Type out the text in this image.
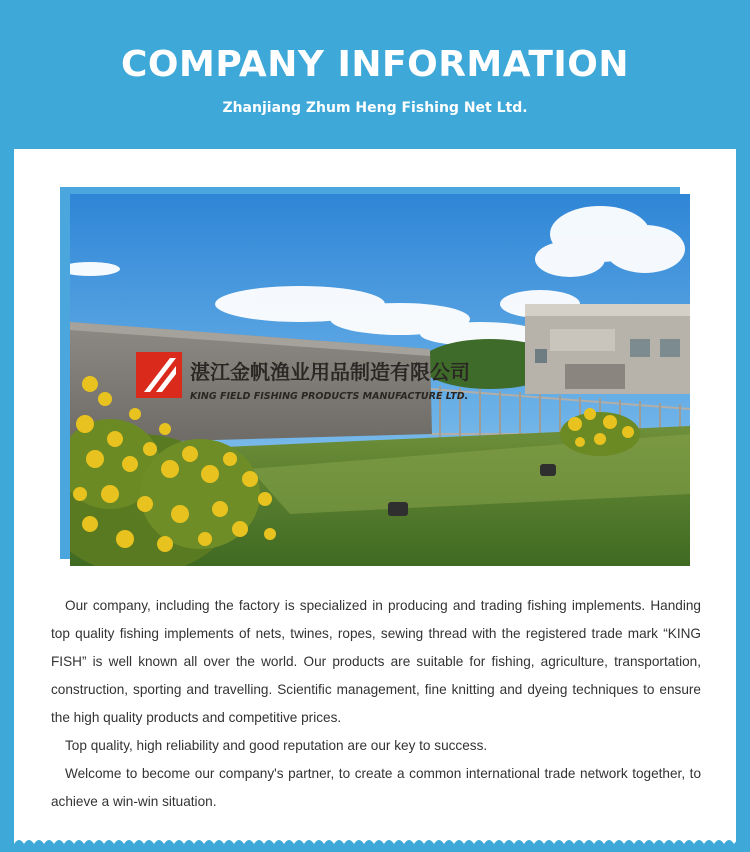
COMPANY INFORMATION
Zhanjiang Zhum Heng Fishing Net Ltd.
湛江金帆渔业用品制造有限公司
KING FIELD FISHING PRODUCTS MANUFACTURE LTD.

Our company, including the factory is specialized in producing and trading fishing implements. Handing top quality fishing implements of nets, twines, ropes, sewing thread with the registered trade mark “KING FISH” is well known all over the world. Our products are suitable for fishing, agriculture, transportation, construction, sporting and travelling. Scientific management, fine knitting and dyeing techniques to ensure the high quality products and competitive prices.

Top quality, high reliability and good reputation are our key to success.

Welcome to become our company's partner, to create a common international trade network together, to achieve a win-win situation.
